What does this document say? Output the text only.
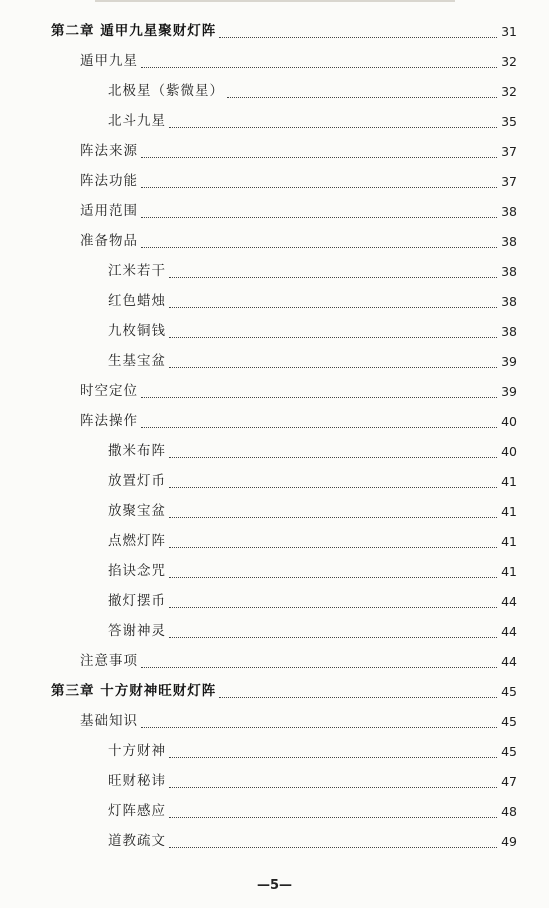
第二章 遁甲九星聚财灯阵	31
遁甲九星	32
北极星（紫微星）	32
北斗九星	35
阵法来源	37
阵法功能	37
适用范围	38
准备物品	38
江米若干	38
红色蜡烛	38
九枚铜钱	38
生基宝盆	39
时空定位	39
阵法操作	40
撒米布阵	40
放置灯币	41
放聚宝盆	41
点燃灯阵	41
掐诀念咒	41
撤灯摆币	44
答谢神灵	44
注意事项	44
第三章 十方财神旺财灯阵	45
基础知识	45
十方财神	45
旺财秘讳	47
灯阵感应	48
道教疏文	49
—5—
